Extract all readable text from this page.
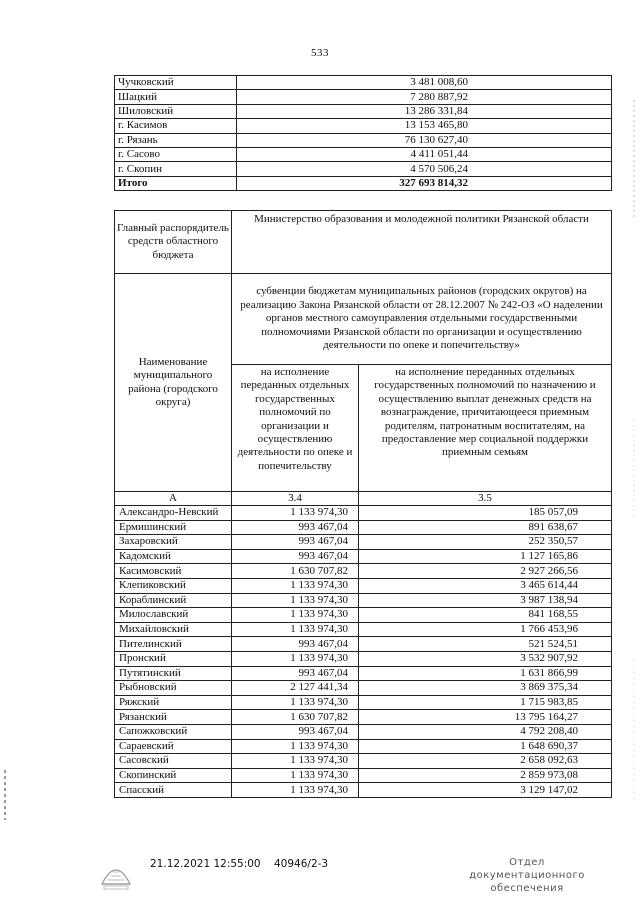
533
Чучковский	3 481 008,60
Шацкий	7 280 887,92
Шиловский	13 286 331,84
г. Касимов	13 153 465,80
г. Рязань	76 130 627,40
г. Сасово	4 411 051,44
г. Скопин	4 570 506,24
Итого	327 693 814,32
Главный распорядитель средств областного бюджета	Министерство образования и молодежной политики Рязанской области	
Наименование муниципального района (городского округа)	субвенции бюджетам муниципальных районов (городских округов) на реализацию Закона Рязанской области от 28.12.2007 № 242-ОЗ «О наделении органов местного самоуправления отдельными государственными полномочиями Рязанской области по организации и осуществлению деятельности по опеке и попечительству»	
	на исполнение переданных отдельных государственных полномочий по организации и осуществлению деятельности по опеке и попечительству	на исполнение переданных отдельных государственных полномочий по назначению и осуществлению выплат денежных средств на вознаграждение, причитающееся приемным родителям, патронатным воспитателям, на предоставление мер социальной поддержки приемным семьям
А	3.4	3.5
Александро-Невский	1 133 974,30	185 057,09
Ермишинский	993 467,04	891 638,67
Захаровский	993 467,04	252 350,57
Кадомский	993 467,04	1 127 165,86
Касимовский	1 630 707,82	2 927 266,56
Клепиковский	1 133 974,30	3 465 614,44
Кораблинский	1 133 974,30	3 987 138,94
Милославский	1 133 974,30	841 168,55
Михайловский	1 133 974,30	1 766 453,96
Пителинский	993 467,04	521 524,51
Пронский	1 133 974,30	3 532 907,92
Путятинский	993 467,04	1 631 866,99
Рыбновский	2 127 441,34	3 869 375,34
Ряжский	1 133 974,30	1 715 983,85
Рязанский	1 630 707,82	13 795 164,27
Сапожковский	993 467,04	4 792 208,40
Сараевский	1 133 974,30	1 648 690,37
Сасовский	1 133 974,30	2 658 092,63
Скопинский	1 133 974,30	2 859 973,08
Спасский	1 133 974,30	3 129 147,02
21.12.2021 12:55:00 40946/2-3	Отдел документационного
обеспечения
